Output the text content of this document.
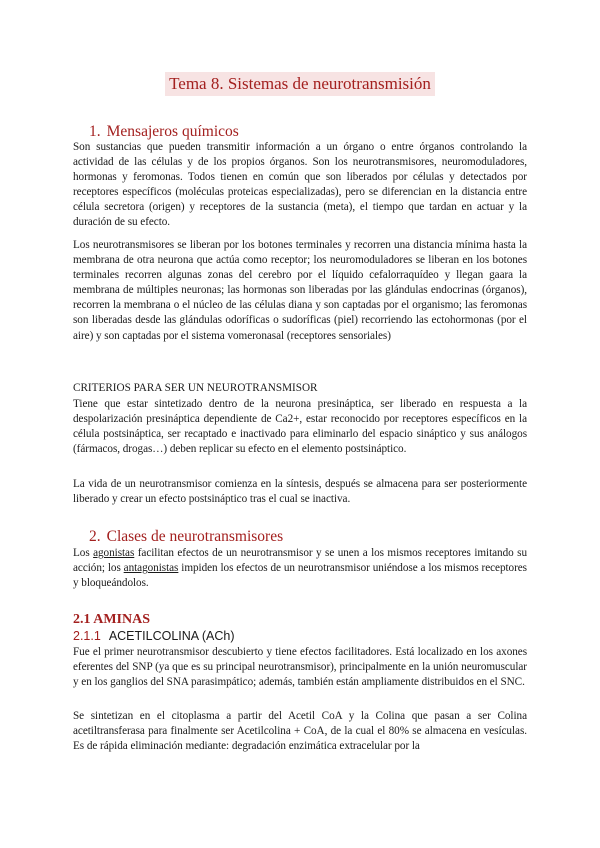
Tema 8. Sistemas de neurotransmisión
1. Mensajeros químicos

Son sustancias que pueden transmitir información a un órgano o entre órganos controlando la actividad de las células y de los propios órganos. Son los neurotransmisores, neuromoduladores, hormonas y feromonas. Todos tienen en común que son liberados por células y detectados por receptores específicos (moléculas proteicas especializadas), pero se diferencian en la distancia entre célula secretora (origen) y receptores de la sustancia (meta), el tiempo que tardan en actuar y la duración de su efecto.

Los neurotransmisores se liberan por los botones terminales y recorren una distancia mínima hasta la membrana de otra neurona que actúa como receptor; los neuromoduladores se liberan en los botones terminales recorren algunas zonas del cerebro por el líquido cefalorraquídeo y llegan gaara la membrana de múltiples neuronas; las hormonas son liberadas por las glándulas endocrinas (órganos), recorren la membrana o el núcleo de las células diana y son captadas por el organismo; las feromonas son liberadas desde las glándulas odoríficas o sudoríficas (piel) recorriendo las ectohormonas (por el aire) y son captadas por el sistema vomeronasal (receptores sensoriales)

CRITERIOS PARA SER UN NEUROTRANSMISOR

Tiene que estar sintetizado dentro de la neurona presináptica, ser liberado en respuesta a la despolarización presináptica dependiente de Ca2+, estar reconocido por receptores específicos en la célula postsináptica, ser recaptado e inactivado para eliminarlo del espacio sináptico y sus análogos (fármacos, drogas…) deben replicar su efecto en el elemento postsináptico.

La vida de un neurotransmisor comienza en la síntesis, después se almacena para ser posteriormente liberado y crear un efecto postsináptico tras el cual se inactiva.

2. Clases de neurotransmisores

Los agonistas facilitan efectos de un neurotransmisor y se unen a los mismos receptores imitando su acción; los antagonistas impiden los efectos de un neurotransmisor uniéndose a los mismos receptores y bloqueándolos.

2.1 AMINAS
2.1.1 ACETILCOLINA (ACh)

Fue el primer neurotransmisor descubierto y tiene efectos facilitadores. Está localizado en los axones eferentes del SNP (ya que es su principal neurotransmisor), principalmente en la unión neuromuscular y en los ganglios del SNA parasimpático; además, también están ampliamente distribuidos en el SNC.

Se sintetizan en el citoplasma a partir del Acetil CoA y la Colina que pasan a ser Colina acetiltransferasa para finalmente ser Acetilcolina + CoA, de la cual el 80% se almacena en vesículas. Es de rápida eliminación mediante: degradación enzimática extracelular por la
